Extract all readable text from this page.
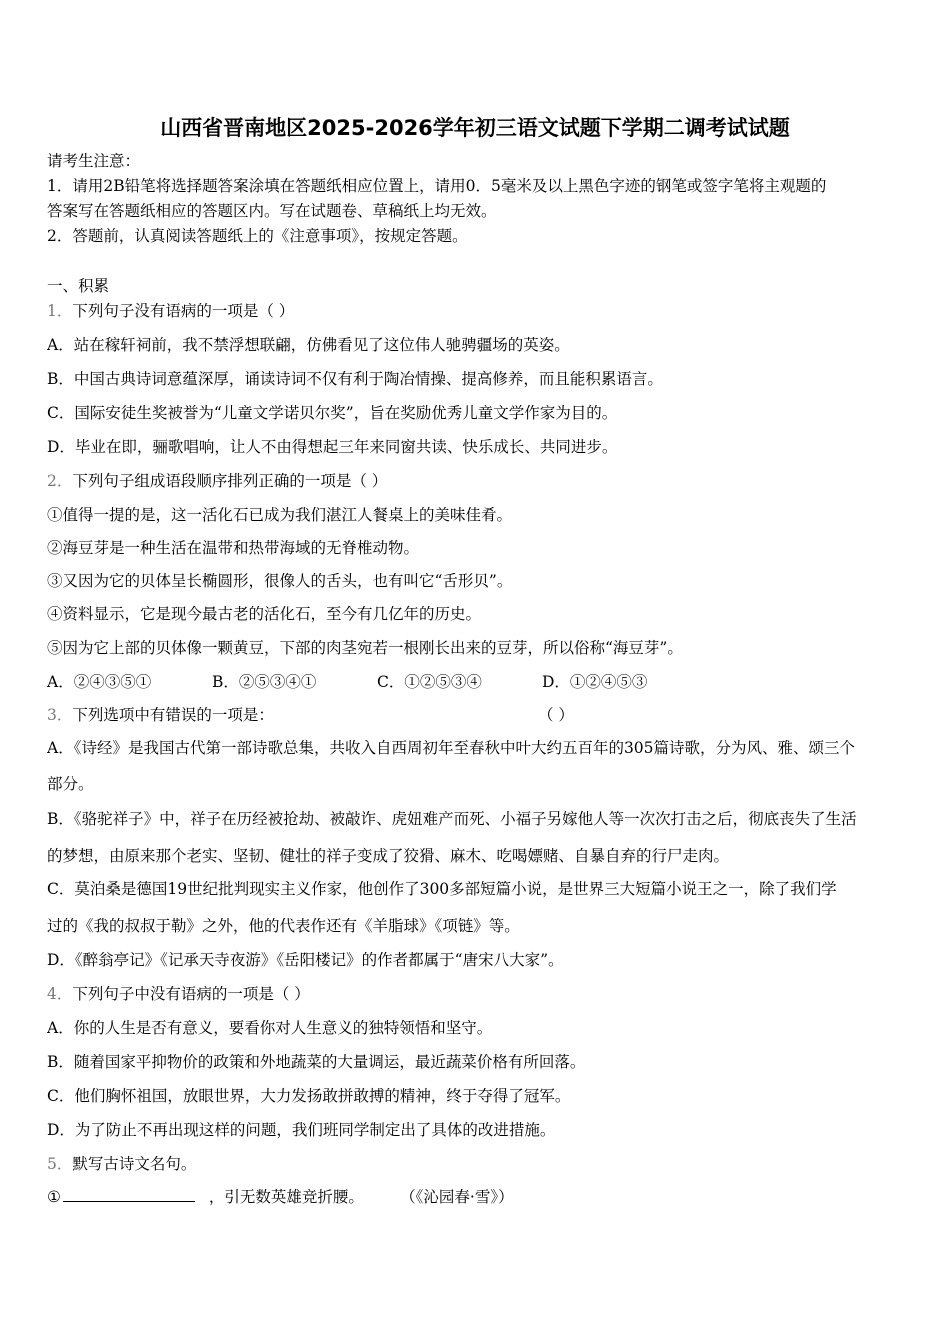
山西省晋南地区2025-2026学年初三语文试题下学期二调考试试题
请考生注意：
1．请用2B铅笔将选择题答案涂填在答题纸相应位置上，请用0．5毫米及以上黑色字迹的钢笔或签字笔将主观题的
答案写在答题纸相应的答题区内。写在试题卷、草稿纸上均无效。
2．答题前，认真阅读答题纸上的《注意事项》，按规定答题。
一、积累
1．下列句子没有语病的一项是（ ）
A．站在稼轩祠前，我不禁浮想联翩，仿佛看见了这位伟人驰骋疆场的英姿。
B．中国古典诗词意蕴深厚，诵读诗词不仅有利于陶冶情操、提高修养，而且能积累语言。
C．国际安徒生奖被誉为“儿童文学诺贝尔奖”，旨在奖励优秀儿童文学作家为目的。
D．毕业在即，骊歌唱响，让人不由得想起三年来同窗共读、快乐成长、共同进步。
2．下列句子组成语段顺序排列正确的一项是（ ）
①值得一提的是，这一活化石已成为我们湛江人餐桌上的美味佳肴。
②海豆芽是一种生活在温带和热带海域的无脊椎动物。
③又因为它的贝体呈长椭圆形，很像人的舌头，也有叫它“舌形贝”。
④资料显示，它是现今最古老的活化石，至今有几亿年的历史。
⑤因为它上部的贝体像一颗黄豆，下部的肉茎宛若一根刚长出来的豆芽，所以俗称“海豆芽”。
A．②④③⑤①	B．②⑤③④①	C．①②⑤③④	D．①②④⑤③
3．下列选项中有错误的一项是：	（ ）
A．《诗经》是我国古代第一部诗歌总集，共收入自西周初年至春秋中叶大约五百年的305篇诗歌，分为风、雅、颂三个
部分。
B．《骆驼祥子》中，祥子在历经被抢劫、被敲诈、虎妞难产而死、小福子另嫁他人等一次次打击之后，彻底丧失了生活
的梦想，由原来那个老实、坚韧、健壮的祥子变成了狡猾、麻木、吃喝嫖赌、自暴自弃的行尸走肉。
C．莫泊桑是德国19世纪批判现实主义作家，他创作了300多部短篇小说，是世界三大短篇小说王之一，除了我们学
过的《我的叔叔于勒》之外，他的代表作还有《羊脂球》《项链》等。
D．《醉翁亭记》《记承天寺夜游》《岳阳楼记》的作者都属于“唐宋八大家”。
4．下列句子中没有语病的一项是（ ）
A．你的人生是否有意义，要看你对人生意义的独特领悟和坚守。
B．随着国家平抑物价的政策和外地蔬菜的大量调运，最近蔬菜价格有所回落。
C．他们胸怀祖国，放眼世界，大力发扬敢拼敢搏的精神，终于夺得了冠军。
D．为了防止不再出现这样的问题，我们班同学制定出了具体的改进措施。
5．默写古诗文名句。
①	，引无数英雄竞折腰。	（《沁园春·雪》）
